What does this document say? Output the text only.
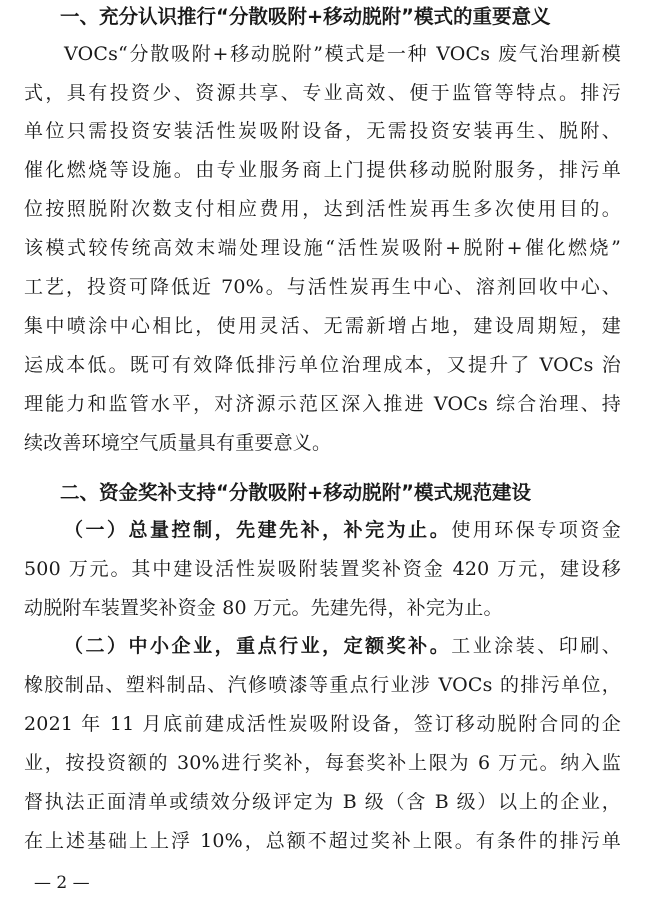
一、充分认识推行“分散吸附+移动脱附”模式的重要意义
VOCs“分散吸附+移动脱附”模式是一种 VOCs 废气治理新模
式，具有投资少、资源共享、专业高效、便于监管等特点。排污
单位只需投资安装活性炭吸附设备，无需投资安装再生、脱附、
催化燃烧等设施。由专业服务商上门提供移动脱附服务，排污单
位按照脱附次数支付相应费用，达到活性炭再生多次使用目的。
该模式较传统高效末端处理设施“活性炭吸附+脱附+催化燃烧”
工艺，投资可降低近 70%。与活性炭再生中心、溶剂回收中心、
集中喷涂中心相比，使用灵活、无需新增占地，建设周期短，建
运成本低。既可有效降低排污单位治理成本，又提升了 VOCs 治
理能力和监管水平，对济源示范区深入推进 VOCs 综合治理、持
续改善环境空气质量具有重要意义。
二、资金奖补支持“分散吸附+移动脱附”模式规范建设
（一）总量控制，先建先补，补完为止。使用环保专项资金
500 万元。其中建设活性炭吸附装置奖补资金 420 万元，建设移
动脱附车装置奖补资金 80 万元。先建先得，补完为止。
（二）中小企业，重点行业，定额奖补。工业涂装、印刷、
橡胶制品、塑料制品、汽修喷漆等重点行业涉 VOCs 的排污单位，
2021 年 11 月底前建成活性炭吸附设备，签订移动脱附合同的企
业，按投资额的 30%进行奖补，每套奖补上限为 6 万元。纳入监
督执法正面清单或绩效分级评定为 B 级（含 B 级）以上的企业，
在上述基础上上浮 10%，总额不超过奖补上限。有条件的排污单
— 2 —
